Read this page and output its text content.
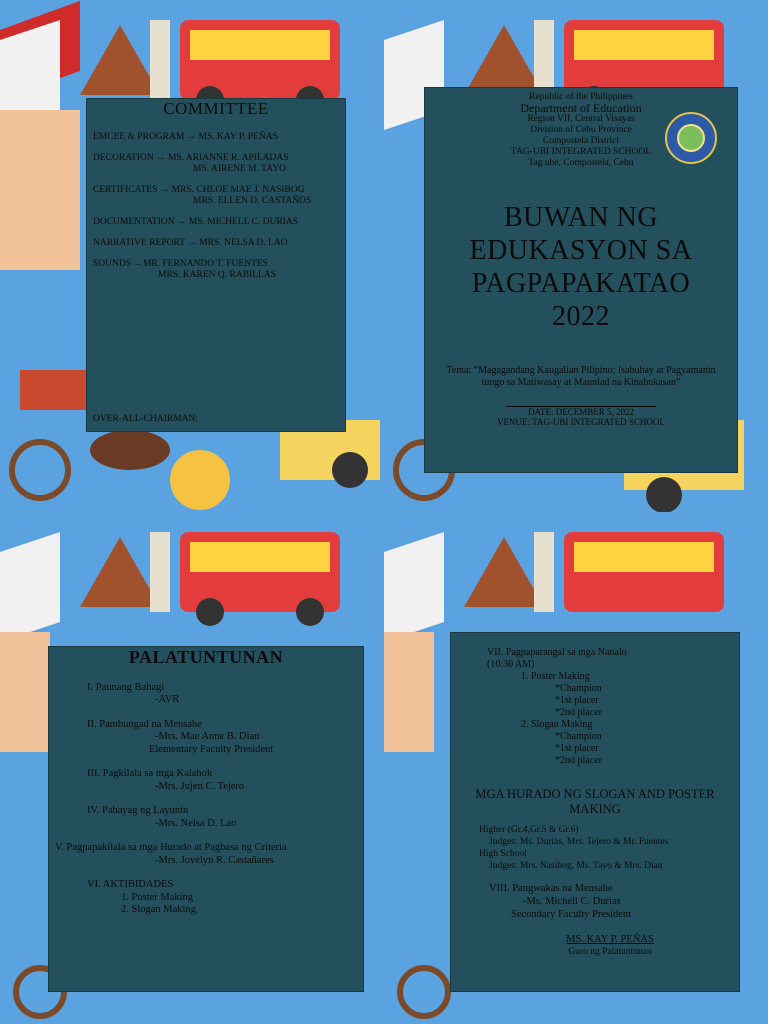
COMMITTEE
EMCEE & PROGRAM → MS. KAY P. PEÑAS
DECORATION → MS. ARIANNE R. APILADAS
MS. AIRENE M. TAYO
CERTIFICATES → MRS. CHLOE MAE J. NASIBOG
MRS. ELLEN D. CASTAÑOS
DOCUMENTATION → MS. MICHELL C. DURIAS
NARRATIVE REPORT → MRS. NELSA D. LAO
SOUNDS →MR. FERNANDO T. FUENTES
MRS. KAREN Q. RABILLAS
OVER-ALL-CHAIRMAN:
Republic of the Philippines
Department of Education
Region VII, Central Visayas
Division of Cebu Province
Compostela District
TAG-UBI INTEGRATED SCHOOL
Tag ube, Compostela, Cebu
BUWAN NG
EDUKASYON SA
PAGPAPAKATAO
2022
Tema: “Magagandang Kaugalian Pilipino: Isabuhay at Pagyamanin tungo sa Matiwasay at Maunlad na Kinabukasan”
DATE: DECEMBER 5, 2022
VENUE: TAG-UBI INTEGRATED SCHOOL
PALATUNTUNAN
I. Paunang Bahagi
-AVR
II. Pambungad na Mensahe
-Mrs. Mae Anne B. Dian
Elementary Faculty President
III. Pagkilala sa mga Kalahok
-Mrs. Jujen C. Tejero
IV. Pahayag ng Layunin
-Mrs. Nelsa D. Lao
V. Pagpapakilala sa mga Hurado at Pagbasa ng Criteria
-Mrs. Jovelyn R. Castañares
VI. AKTIBIDADES
1. Poster Making
2. Slogan Making
VII. Pagpaparangal sa mga Nanalo
(10:30 AM)
1. Poster Making
*Champion
*1st placer
*2nd placer
2. Slogan Making
*Champion
*1st placer
*2nd placer
MGA HURADO NG SLOGAN AND POSTER MAKING
Higher (Gr.4,Gr.5 & Gr.6)
Judges: Ms. Durias, Mrs. Tejero & Mr. Fuentes
High School
Judges: Mrs. Nasibog, Ms. Tayo & Mrs. Dian
VIII. Pangwakas na Mensahe
-Ms. Michell C. Durias
Secondary Faculty President
MS. KAY P. PEÑAS
Guro ng Palatuntunan
